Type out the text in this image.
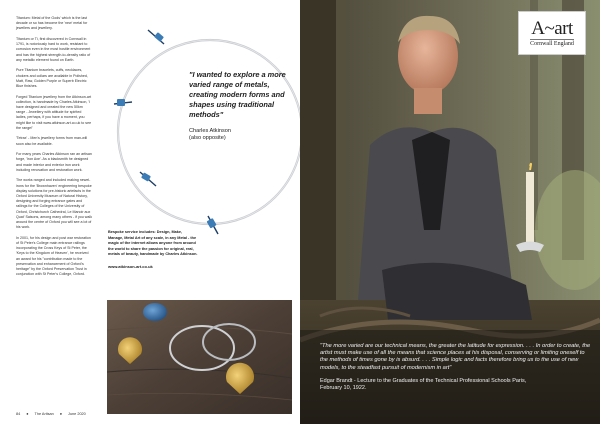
Titanium: Metal of the Gods' which is the last decade or so has become the 'new' metal for jewellers and jewellery.

Titanium or Ti, first discovered in Cornwall in 1791, is notoriously hard to work, resistant to corrosion even in the most hostile environment and has the highest strength-to-density ratio of any metallic element found on Earth.

Pure Titanium bracelets, cuffs, necklaces, chokers and collars are available in Polished, Matt, Raw, Golden Purple or Superb Electric Blue finishes.

Forged Titanium jewellery from the Atkinson-art collection, is handmade by Charles Atkinson, 'I have designed and created the new 50km range - Jewellery with attitude for spirited ladies, perhaps, if you have a moment, you might like to visit www.atkinson-art.co.uk to see the range!'

'Tetrax' - Men's jewellery forms from man-will soon also be available.

For many years Charles Atkinson ran an artisan forge, 'Iron Axe'. As a blacksmith he designed and made interior and exterior iron work including renovation and restoration work.

The works ranged and included making newel-irons for the 'Brownhaven' engineering bespoke display solutions for pre-historic artefacts in the Oxford University Museum of Natural History, designing and forging entrance gates and railings for the Colleges of the University of Oxford, Christchurch Cathedral, Le Manoir aux Quat' Saisons, among many others - if you walk around the centre of Oxford you will see a lot of his work.

In 2001, for his design and post war restoration of St Peter's College main entrance railings incorporating the Cross Keys of St Peter, the 'Keys to the Kingdom of Heaven', he received an award for his "contribution made to the preservation and enhancement of Oxford's heritage" by the Oxford Preservation Trust in conjunction with St Peter's College, Oxford.

"I wanted to explore a more varied range of metals, creating modern forms and shapes using traditional methods"

Charles Atkinson
(also opposite)

Bespoke service includes: Design, Make, Manage, Metal Art of any scale, in any Metal - the magic of the internet allows anyone from around the world to share the passion for original, real, metals of beauty, handmade by Charles Atkinson.

www.atkinson-art.co.uk

84 ● The Artisan ● June 2020
A~art
Cornwall England

"The more varied are our technical means, the greater the latitude for expression. . . . In order to create, the artist must make use of all the means that science places at his disposal, conserving or limiting oneself to the methods of times gone by is absurd. . . . Simple logic and facts therefore bring us to the use of new models, to the steadfast pursuit of modernism in art"

Edgar Brandt - Lecture to the Graduates of the Technical Professional Schools Paris,
February 10, 1922.
